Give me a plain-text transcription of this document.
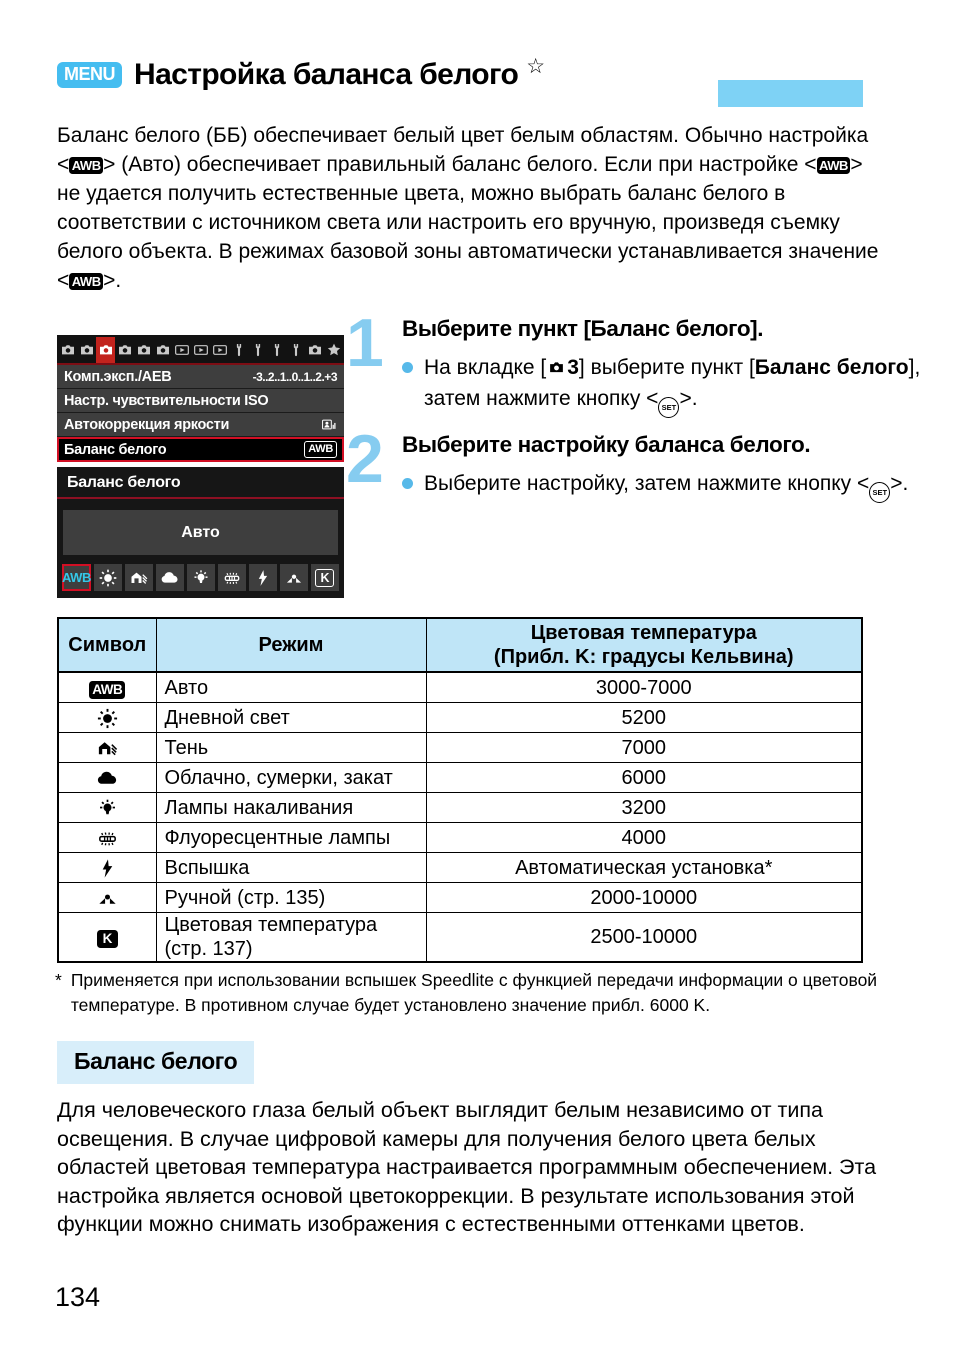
MENU Настройка баланса белого ☆

Баланс белого (ББ) обеспечивает белый цвет белым областям. Обычно настройка < AWB > (Авто) обеспечивает правильный баланс белого. Если при настройке < AWB > не удается получить естественные цвета, можно выбрать баланс белого в соответствии с источником света или настроить его вручную, произведя съемку белого объекта. В режимах базовой зоны автоматически устанавливается значение < AWB >.

Комп.эксп./AEB	-3..2..1..0..1..2.+3
Настр. чувствительности ISO
Автокоррекция яркости
Баланс белого	AWB
Баланс белого
Авто
AWB	K
1 Выберите пункт [Баланс белого].
На вкладке [ 3] выберите пункт [Баланс белого], затем нажмите кнопку < SET >.
2 Выберите настройку баланса белого.
Выберите настройку, затем нажмите кнопку < SET >.
Символ	Режим	Цветовая температура
(Прибл. K: градусы Кельвина)

AWB	Авто	3000-7000
	Дневной свет	5200
	Тень	7000
	Облачно, сумерки, закат	6000
	Лампы накаливания	3200
	Флуоресцентные лампы	4000
	Вспышка	Автоматическая установка*
	Ручной (стр. 135)	2000-10000
K	Цветовая температура (стр. 137)	2500-10000
* Применяется при использовании вспышек Speedlite с функцией передачи информации о цветовой температуре. В противном случае будет установлено значение прибл. 6000 K.
Баланс белого

Для человеческого глаза белый объект выглядит белым независимо от типа освещения. В случае цифровой камеры для получения белого цвета белых областей цветовая температура настраивается программным обеспечением. Эта настройка является основой цветокоррекции. В результате использования этой функции можно снимать изображения с естественными оттенками цветов.

134
